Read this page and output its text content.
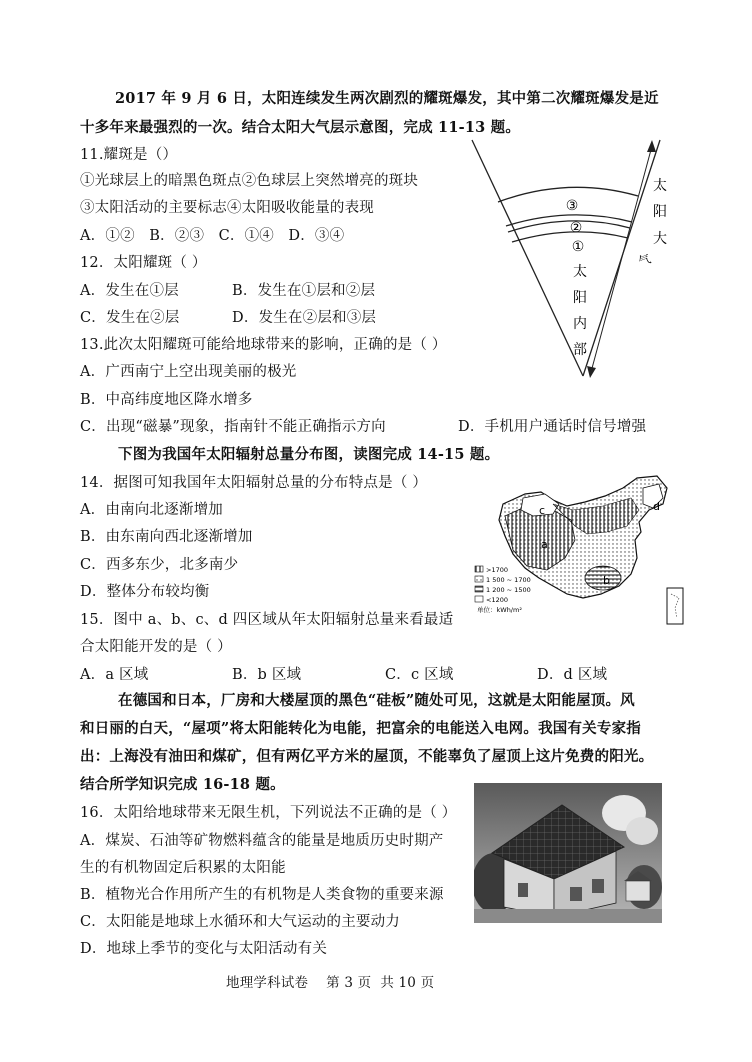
2017 年 9 月 6 日，太阳连续发生两次剧烈的耀斑爆发，其中第二次耀斑爆发是近
十多年来最强烈的一次。结合太阳大气层示意图，完成 11-13 题。
11.耀斑是（）
①光球层上的暗黑色斑点②色球层上突然增亮的斑块
③太阳活动的主要标志④太阳吸收能量的表现
A．①②   B．②③   C．①④   D．③④
12．太阳耀斑（ ）
A．发生在①层	B．发生在①层和②层
C．发生在②层	D．发生在②层和③层
13.此次太阳耀斑可能给地球带来的影响，正确的是（ ）
A．广西南宁上空出现美丽的极光
B．中高纬度地区降水增多
C．出现“磁暴”现象，指南针不能正确指示方向	D．手机用户通话时信号增强
③
②
①
太
阳
大
气
太
阳
内
部
下图为我国年太阳辐射总量分布图，读图完成 14-15 题。
14．据图可知我国年太阳辐射总量的分布特点是（ ）
A．由南向北逐渐增加
B．由东南向西北逐渐增加
C．西多东少，北多南少
D．整体分布较均衡
15．图中 a、b、c、d 四区域从年太阳辐射总量来看最适
合太阳能开发的是（ ）
A．a 区域	B．b 区域	C．c 区域	D．d 区域
c
a
b
d
>1700
1 500 ~ 1700
1 200 ~ 1500
<1200
单位：kWh/m²
在德国和日本，厂房和大楼屋顶的黑色“硅板”随处可见，这就是太阳能屋顶。风
和日丽的白天，“屋项”将太阳能转化为电能，把富余的电能送入电网。我国有关专家指
出：上海没有油田和煤矿，但有两亿平方米的屋顶，不能辜负了屋顶上这片免费的阳光。
结合所学知识完成 16-18 题。
16．太阳给地球带来无限生机，下列说法不正确的是（ ）
A．煤炭、石油等矿物燃料蕴含的能量是地质历史时期产
生的有机物固定后积累的太阳能
B．植物光合作用所产生的有机物是人类食物的重要来源
C．太阳能是地球上水循环和大气运动的主要动力
D．地球上季节的变化与太阳活动有关
地理学科试卷    第 3 页  共 10 页
